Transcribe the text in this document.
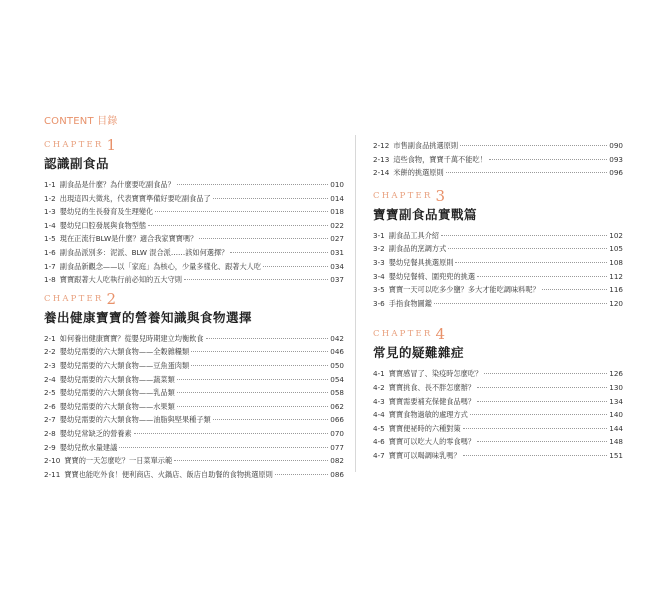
CONTENT 目錄
CHAPTER 1
認識副食品
1-1 副食品是什麼？為什麼要吃副食品？	010
1-2 出現這四大徵兆，代表寶寶準備好要吃副食品了	014
1-3 嬰幼兒的生長發育及生理變化	018
1-4 嬰幼兒口腔發展與食物型態	022
1-5 現在正流行BLW是什麼？適合我家寶寶嗎？	027
1-6 副食品派別多：泥派、BLW 混合派……該如何選擇？	031
1-7 副食品新觀念——以「家庭」為核心，少量多樣化、跟著大人吃	034
1-8 寶寶跟著大人吃執行前必知的五大守則	037
CHAPTER 2
養出健康寶寶的營養知識與食物選擇
2-1 如何養出健康寶寶？從嬰兒時期建立均衡飲食	042
2-2 嬰幼兒需要的六大類食物——全穀雜糧類	046
2-3 嬰幼兒需要的六大類食物——豆魚蛋肉類	050
2-4 嬰幼兒需要的六大類食物——蔬菜類	054
2-5 嬰幼兒需要的六大類食物——乳品類	058
2-6 嬰幼兒需要的六大類食物——水果類	062
2-7 嬰幼兒需要的六大類食物——油脂與堅果種子類	066
2-8 嬰幼兒常缺乏的營養素	070
2-9 嬰幼兒飲水量建議	077
2-10 寶寶的一天怎麼吃？一日菜單示範	082
2-11 寶寶也能吃外食！便利商店、火鍋店、飯店自助餐的食物挑選原則	086
2-12 市售副食品挑選原則	090
2-13 這些食物，寶寶千萬不能吃！	093
2-14 米餅的挑選原則	096
CHAPTER 3
寶寶副食品實戰篇
3-1 副食品工具介紹	102
3-2 副食品的烹調方式	105
3-3 嬰幼兒餐具挑選原則	108
3-4 嬰幼兒餐椅、圍兜兜的挑選	112
3-5 寶寶一天可以吃多少鹽？多大才能吃調味料呢？	116
3-6 手指食物圖鑑	120
CHAPTER 4
常見的疑難雜症
4-1 寶寶感冒了、染疫時怎麼吃？	126
4-2 寶寶挑食、長不胖怎麼辦？	130
4-3 寶寶需要補充保健食品嗎？	134
4-4 寶寶食物過敏的處理方式	140
4-5 寶寶便祕時的六種對策	144
4-6 寶寶可以吃大人的零食嗎？	148
4-7 寶寶可以喝調味乳嗎？	151
